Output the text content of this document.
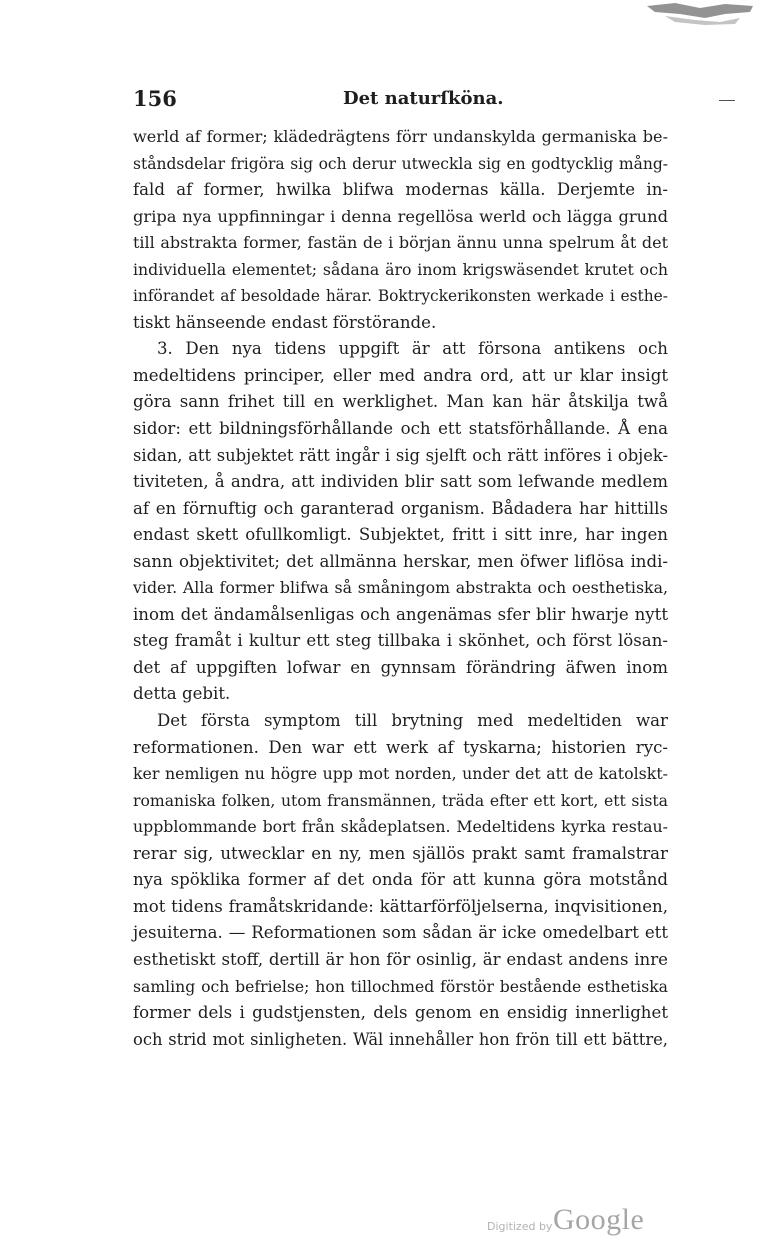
156	Det naturſköna.
werld af former; klädedrägtens förr undanskylda germaniska be-
ståndsdelar frigöra sig och derur utweckla sig en godtycklig mång-
fald af former, hwilka blifwa modernas källa. Derjemte in-
gripa nya uppfinningar i denna regellösa werld och lägga grund
till abstrakta former, fastän de i början ännu unna spelrum åt det
individuella elementet; sådana äro inom krigswäsendet krutet och
införandet af besoldade härar. Boktryckerikonsten werkade i esthe-
tiskt hänseende endast förstörande.
3. Den nya tidens uppgift är att försona antikens och
medeltidens principer, eller med andra ord, att ur klar insigt
göra sann frihet till en werklighet. Man kan här åtskilja twå
sidor: ett bildningsförhållande och ett statsförhållande. Å ena
sidan, att subjektet rätt ingår i sig sjelft och rätt införes i objek-
tiviteten, å andra, att individen blir satt som lefwande medlem
af en förnuftig och garanterad organism. Bådadera har hittills
endast skett ofullkomligt. Subjektet, fritt i sitt inre, har ingen
sann objektivitet; det allmänna herskar, men öfwer liflösa indi-
vider. Alla former blifwa så småningom abstrakta och oesthetiska,
inom det ändamålsenligas och angenämas sfer blir hwarje nytt
steg framåt i kultur ett steg tillbaka i skönhet, och först lösan-
det af uppgiften lofwar en gynnsam förändring äfwen inom
detta gebit.
Det första symptom till brytning med medeltiden war
reformationen. Den war ett werk af tyskarna; historien ryc-
ker nemligen nu högre upp mot norden, under det att de katolskt-
romaniska folken, utom fransmännen, träda efter ett kort, ett sista
uppblommande bort från skådeplatsen. Medeltidens kyrka restau-
rerar sig, utwecklar en ny, men själlös prakt samt framalstrar
nya spöklika former af det onda för att kunna göra motstånd
mot tidens framåtskridande: kättarförföljelserna, inqvisitionen,
jesuiterna. — Reformationen som sådan är icke omedelbart ett
esthetiskt stoff, dertill är hon för osinlig, är endast andens inre
samling och befrielse; hon tillochmed förstör bestående esthetiska
former dels i gudstjensten, dels genom en ensidig innerlighet
och strid mot sinligheten. Wäl innehåller hon frön till ett bättre,
Digitized by Google
